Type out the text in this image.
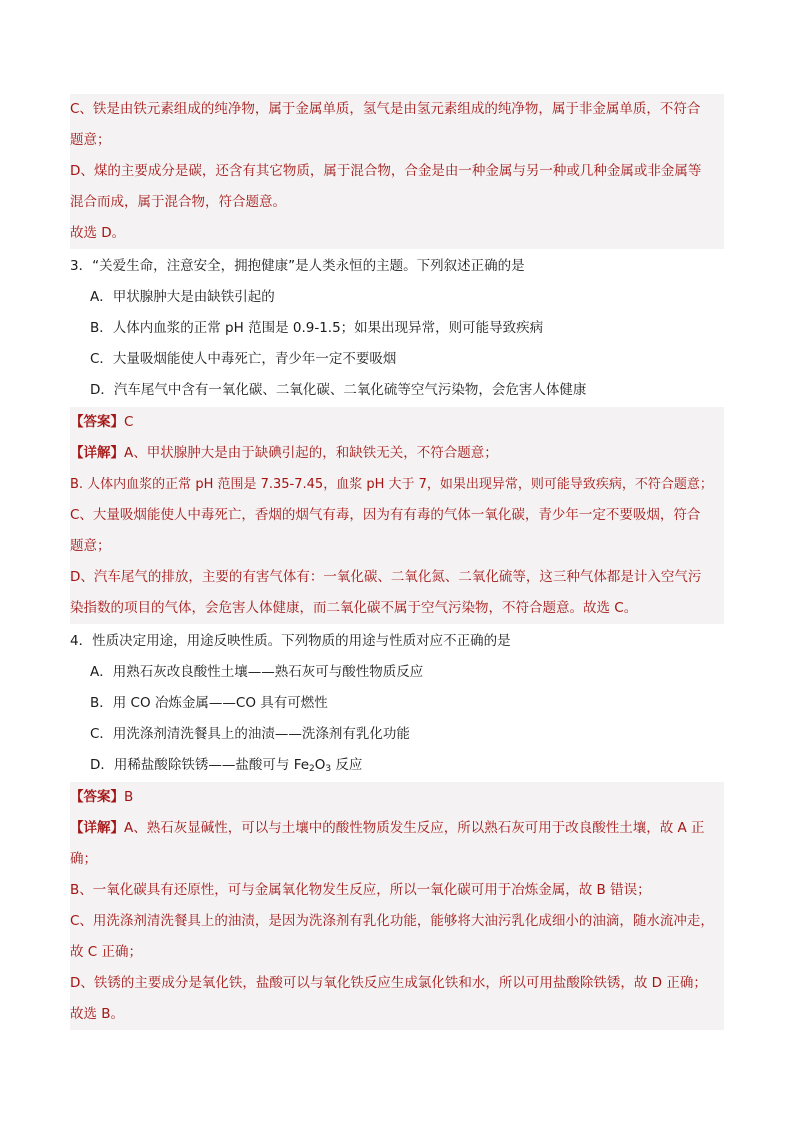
C、铁是由铁元素组成的纯净物，属于金属单质，氢气是由氢元素组成的纯净物，属于非金属单质，不符合
题意；
D、煤的主要成分是碳，还含有其它物质，属于混合物，合金是由一种金属与另一种或几种金属或非金属等
混合而成，属于混合物，符合题意。
故选 D。
3．“关爱生命，注意安全，拥抱健康”是人类永恒的主题。下列叙述正确的是
A．甲状腺肿大是由缺铁引起的
B．人体内血浆的正常 pH 范围是 0.9-1.5；如果出现异常，则可能导致疾病
C．大量吸烟能使人中毒死亡，青少年一定不要吸烟
D．汽车尾气中含有一氧化碳、二氧化碳、二氧化硫等空气污染物，会危害人体健康
【答案】C
【详解】A、甲状腺肿大是由于缺碘引起的，和缺铁无关，不符合题意；
B. 人体内血浆的正常 pH 范围是 7.35-7.45，血浆 pH 大于 7，如果出现异常，则可能导致疾病，不符合题意；
C、大量吸烟能使人中毒死亡，香烟的烟气有毒，因为有有毒的气体一氧化碳，青少年一定不要吸烟，符合
题意；
D、汽车尾气的排放，主要的有害气体有：一氧化碳、二氧化氮、二氧化硫等，这三种气体都是计入空气污
染指数的项目的气体，会危害人体健康，而二氧化碳不属于空气污染物，不符合题意。故选 C。
4．性质决定用途，用途反映性质。下列物质的用途与性质对应不正确的是
A．用熟石灰改良酸性土壤——熟石灰可与酸性物质反应
B．用 CO 冶炼金属——CO 具有可燃性
C．用洗涤剂清洗餐具上的油渍——洗涤剂有乳化功能
D．用稀盐酸除铁锈——盐酸可与 $Fe_2O_3$ 反应
【答案】B
【详解】A、熟石灰显碱性，可以与土壤中的酸性物质发生反应，所以熟石灰可用于改良酸性土壤，故 A 正
确；
B、一氧化碳具有还原性，可与金属氧化物发生反应，所以一氧化碳可用于冶炼金属，故 B 错误；
C、用洗涤剂清洗餐具上的油渍，是因为洗涤剂有乳化功能，能够将大油污乳化成细小的油滴，随水流冲走，
故 C 正确；
D、铁锈的主要成分是氧化铁，盐酸可以与氧化铁反应生成氯化铁和水，所以可用盐酸除铁锈，故 D 正确；
故选 B。
